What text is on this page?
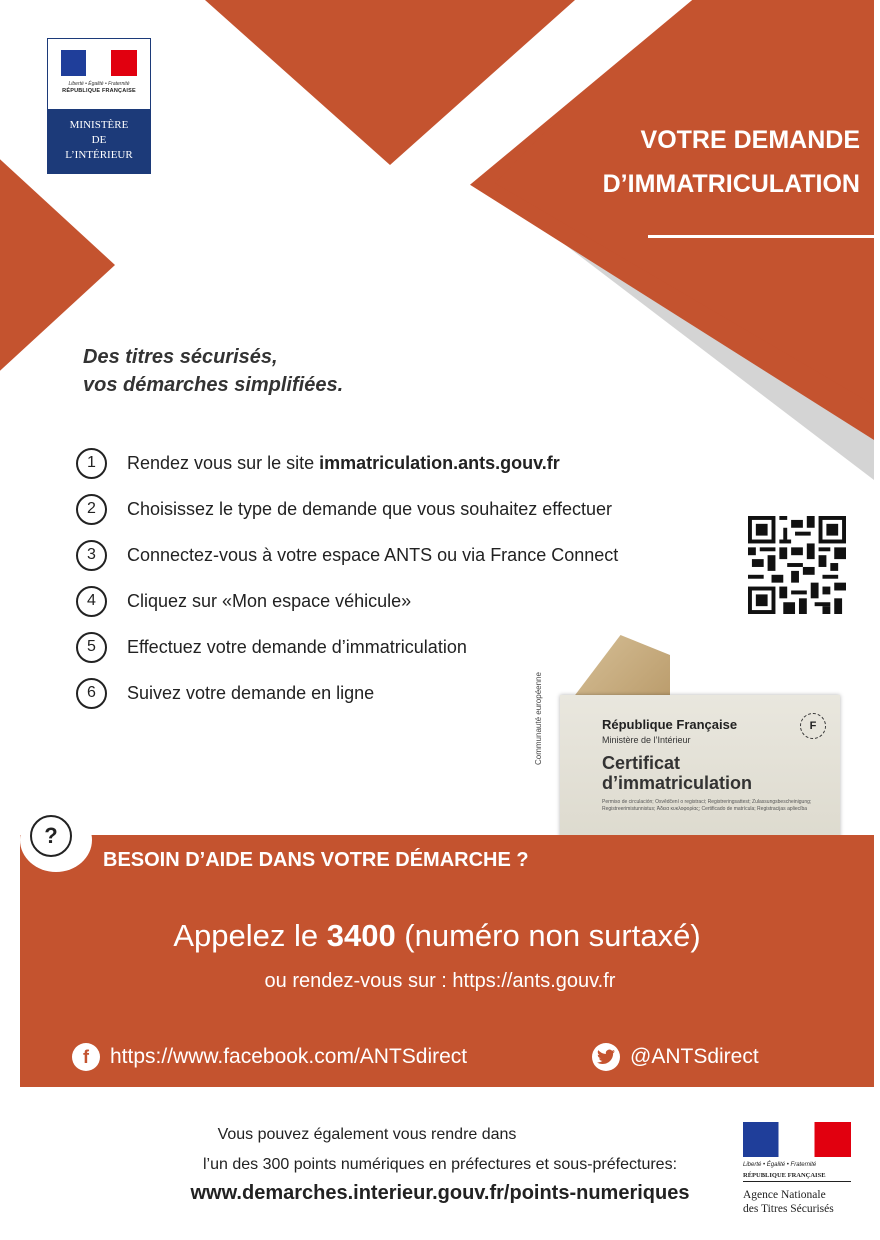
Liberté • Égalité • Fraternité
RÉPUBLIQUE FRANÇAISE
MINISTÈRE
DE
L’INTÉRIEUR
VOTRE DEMANDE
D’IMMATRICULATION
Des titres sécurisés,
vos démarches simplifiées.
1	Rendez vous sur le site immatriculation.ants.gouv.fr
2	Choisissez le type de demande que vous souhaitez effectuer
3	Connectez-vous à votre espace ANTS ou via France Connect
4	Cliquez sur «Mon espace véhicule»
5	Effectuez votre demande d’immatriculation
6	Suivez votre demande en ligne	Communauté européenne	République Française
Ministère de l’Intérieur
Certificat
d’immatriculation
Permiso de circulación; Osvědčení o registraci; Registreringsattest; Zulassungsbescheinigung; Registreerimistunnistus; Άδεια κυκλοφορίας; Certificado de matrícula; Registracijas apliecība
F
?
BESOIN D’AIDE DANS VOTRE DÉMARCHE ?
Appelez le 3400 (numéro non surtaxé)
ou rendez-vous sur : https://ants.gouv.fr
f	https://www.facebook.com/ANTSdirect	@ANTSdirect
Vous pouvez également vous rendre dans
l’un des 300 points numériques en préfectures et sous-préfectures:
www.demarches.interieur.gouv.fr/points-numeriques
Liberté • Égalité • Fraternité
RÉPUBLIQUE FRANÇAISE
Agence Nationale
des Titres Sécurisés
